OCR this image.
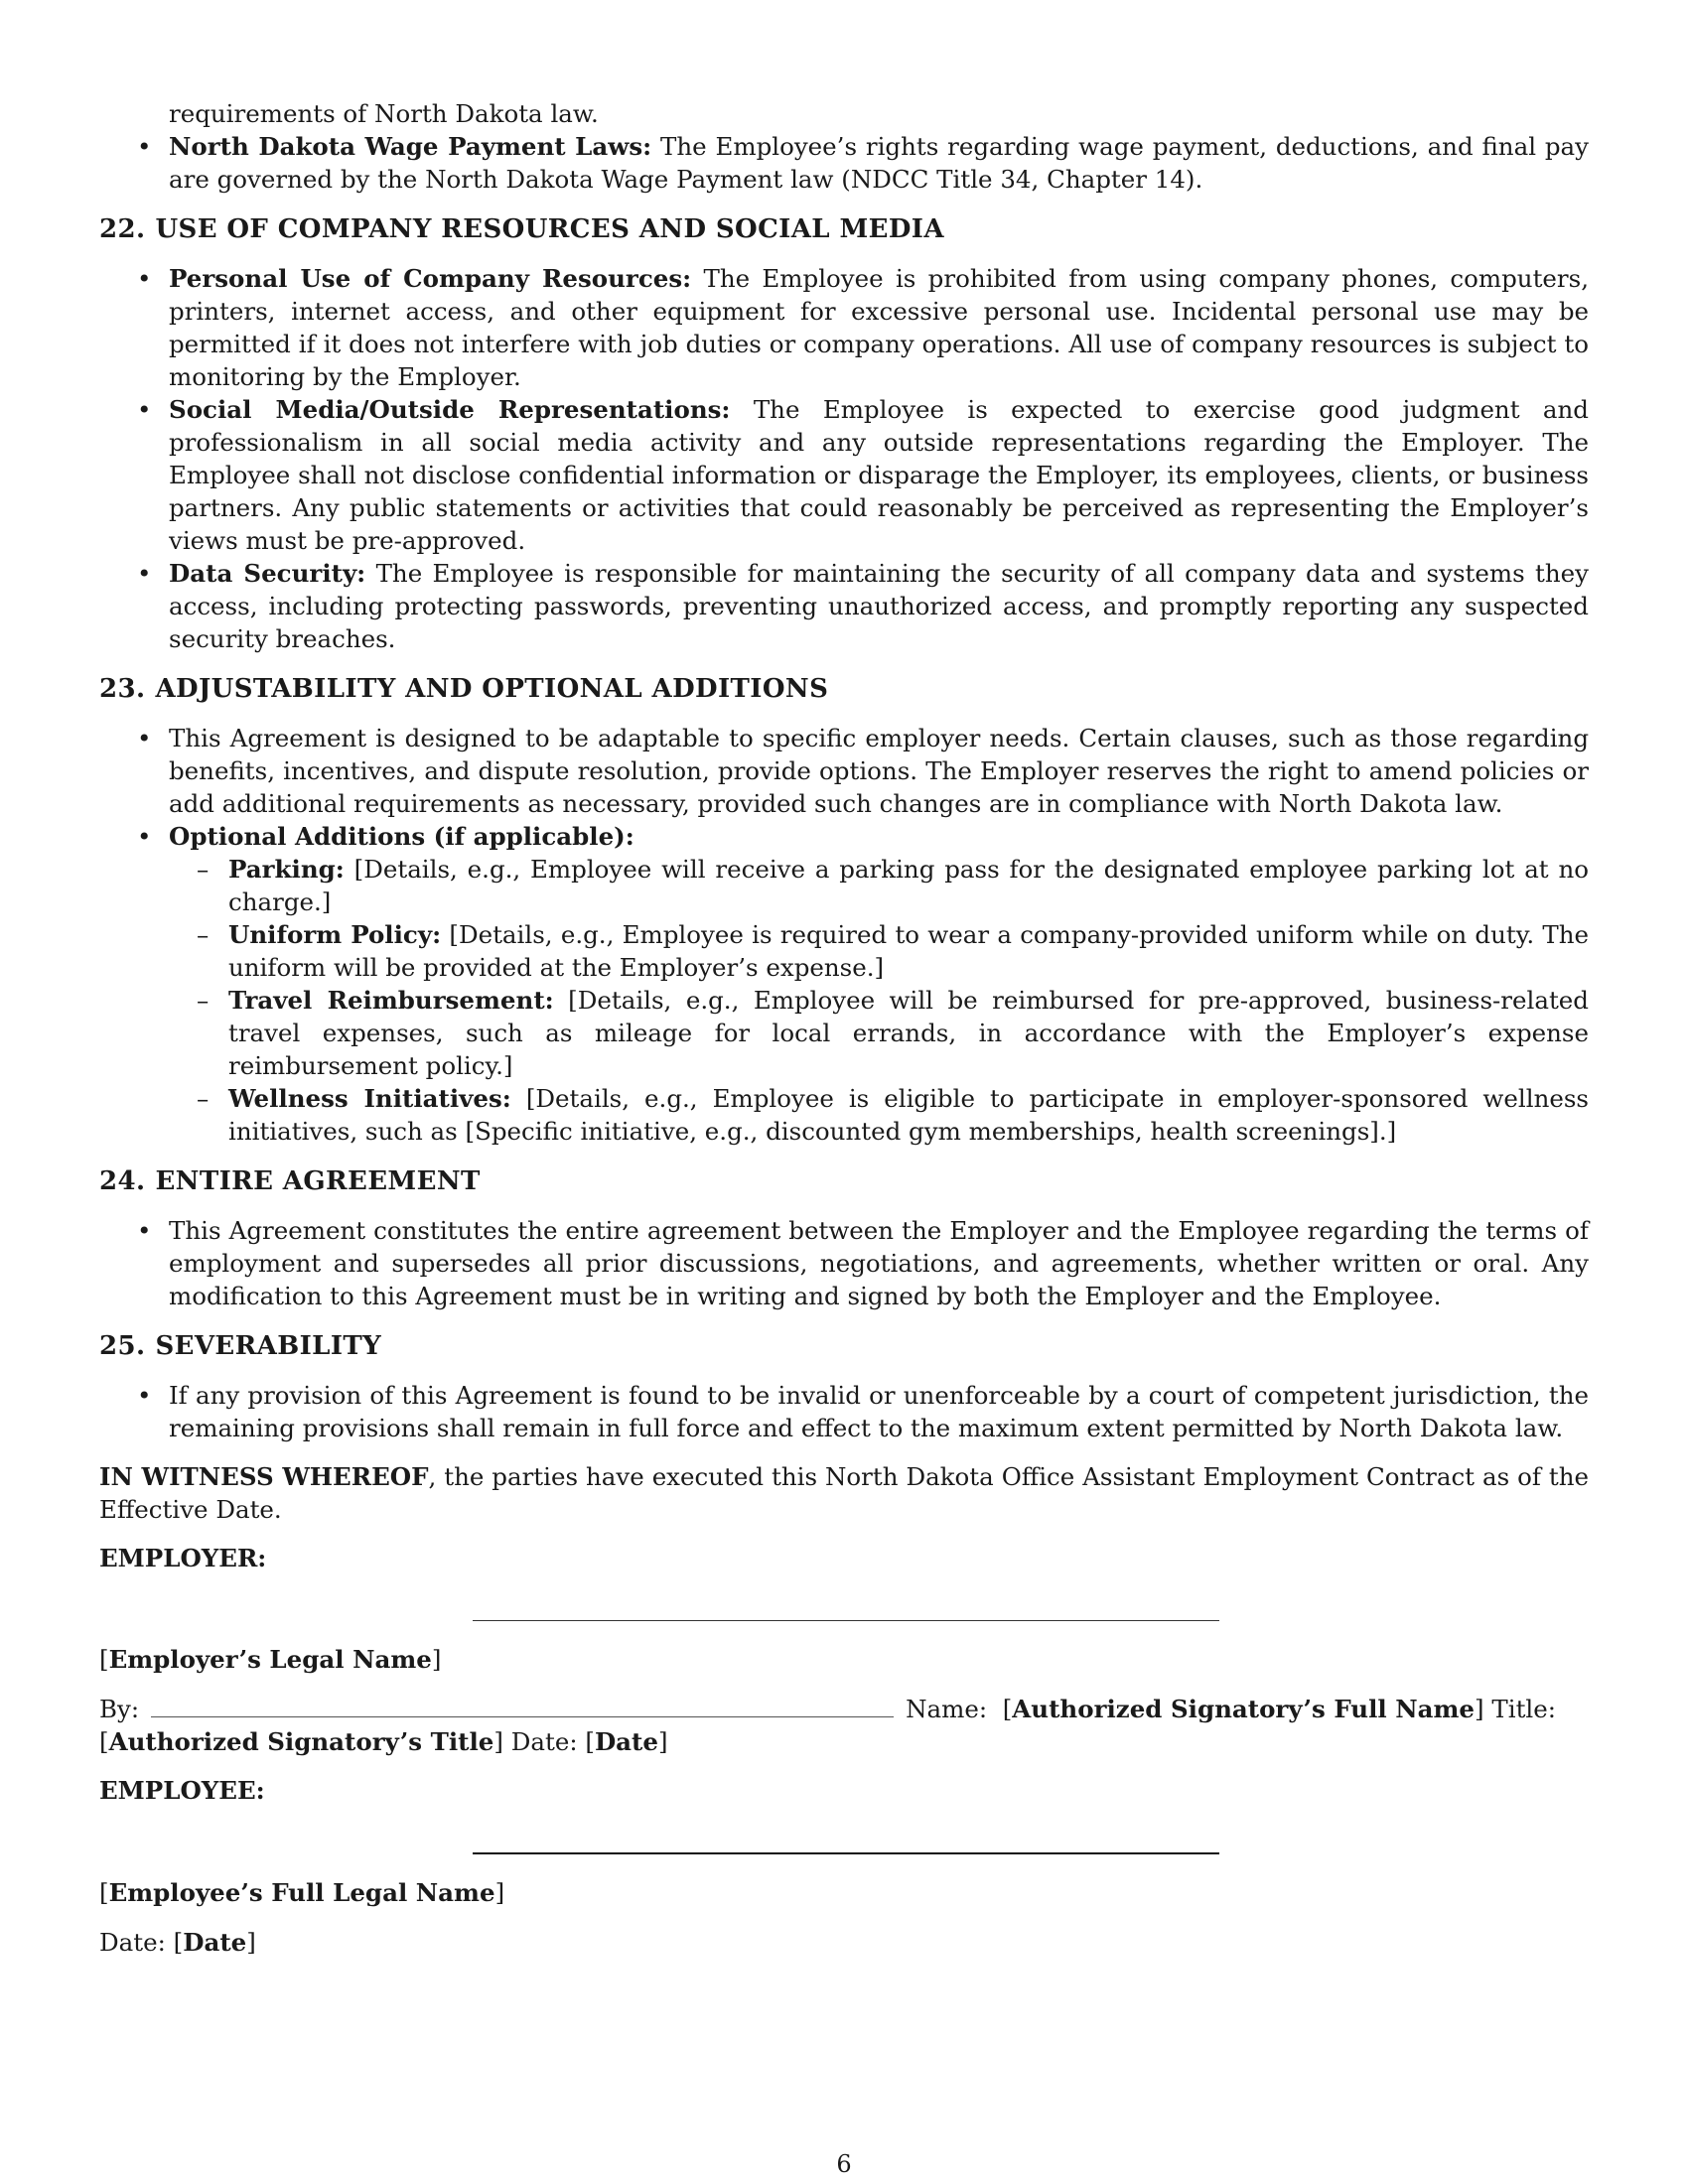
requirements of North Dakota law.

• North Dakota Wage Payment Laws: The Employee’s rights regarding wage payment, deductions, and final pay are governed by the North Dakota Wage Payment law (NDCC Title 34, Chapter 14).
22. USE OF COMPANY RESOURCES AND SOCIAL MEDIA
• Personal Use of Company Resources: The Employee is prohibited from using company phones, computers, printers, internet access, and other equipment for excessive personal use. Incidental personal use may be permitted if it does not interfere with job duties or company operations. All use of company resources is subject to monitoring by the Employer.
• Social Media/Outside Representations: The Employee is expected to exercise good judgment and professionalism in all social media activity and any outside representations regarding the Employer. The Employee shall not disclose confidential information or disparage the Employer, its employees, clients, or business partners. Any public statements or activities that could reasonably be perceived as representing the Employer’s views must be pre-approved.
• Data Security: The Employee is responsible for maintaining the security of all company data and systems they access, including protecting passwords, preventing unauthorized access, and promptly reporting any suspected security breaches.
23. ADJUSTABILITY AND OPTIONAL ADDITIONS
• This Agreement is designed to be adaptable to specific employer needs. Certain clauses, such as those regarding benefits, incentives, and dispute resolution, provide options. The Employer reserves the right to amend policies or add additional requirements as necessary, provided such changes are in compliance with North Dakota law.
• Optional Additions (if applicable):
– Parking: [Details, e.g., Employee will receive a parking pass for the designated employee parking lot at no charge.]
– Uniform Policy: [Details, e.g., Employee is required to wear a company-provided uniform while on duty. The uniform will be provided at the Employer’s expense.]
– Travel Reimbursement: [Details, e.g., Employee will be reimbursed for pre-approved, business-related travel expenses, such as mileage for local errands, in accordance with the Employer’s expense reimbursement policy.]
– Wellness Initiatives: [Details, e.g., Employee is eligible to participate in employer-sponsored wellness initiatives, such as [Specific initiative, e.g., discounted gym memberships, health screenings].]
24. ENTIRE AGREEMENT
• This Agreement constitutes the entire agreement between the Employer and the Employee regarding the terms of employment and supersedes all prior discussions, negotiations, and agreements, whether written or oral. Any modification to this Agreement must be in writing and signed by both the Employer and the Employee.
25. SEVERABILITY
• If any provision of this Agreement is found to be invalid or unenforceable by a court of competent jurisdiction, the remaining provisions shall remain in full force and effect to the maximum extent permitted by North Dakota law.

IN WITNESS WHEREOF, the parties have executed this North Dakota Office Assistant Employment Contract as of the Effective Date.

EMPLOYER:

[Employer’s Legal Name]

By:	Name:  [Authorized Signatory’s Full Name] Title:
[Authorized Signatory’s Title] Date: [Date]

EMPLOYEE:

[Employee’s Full Legal Name]

Date: [Date]

6
